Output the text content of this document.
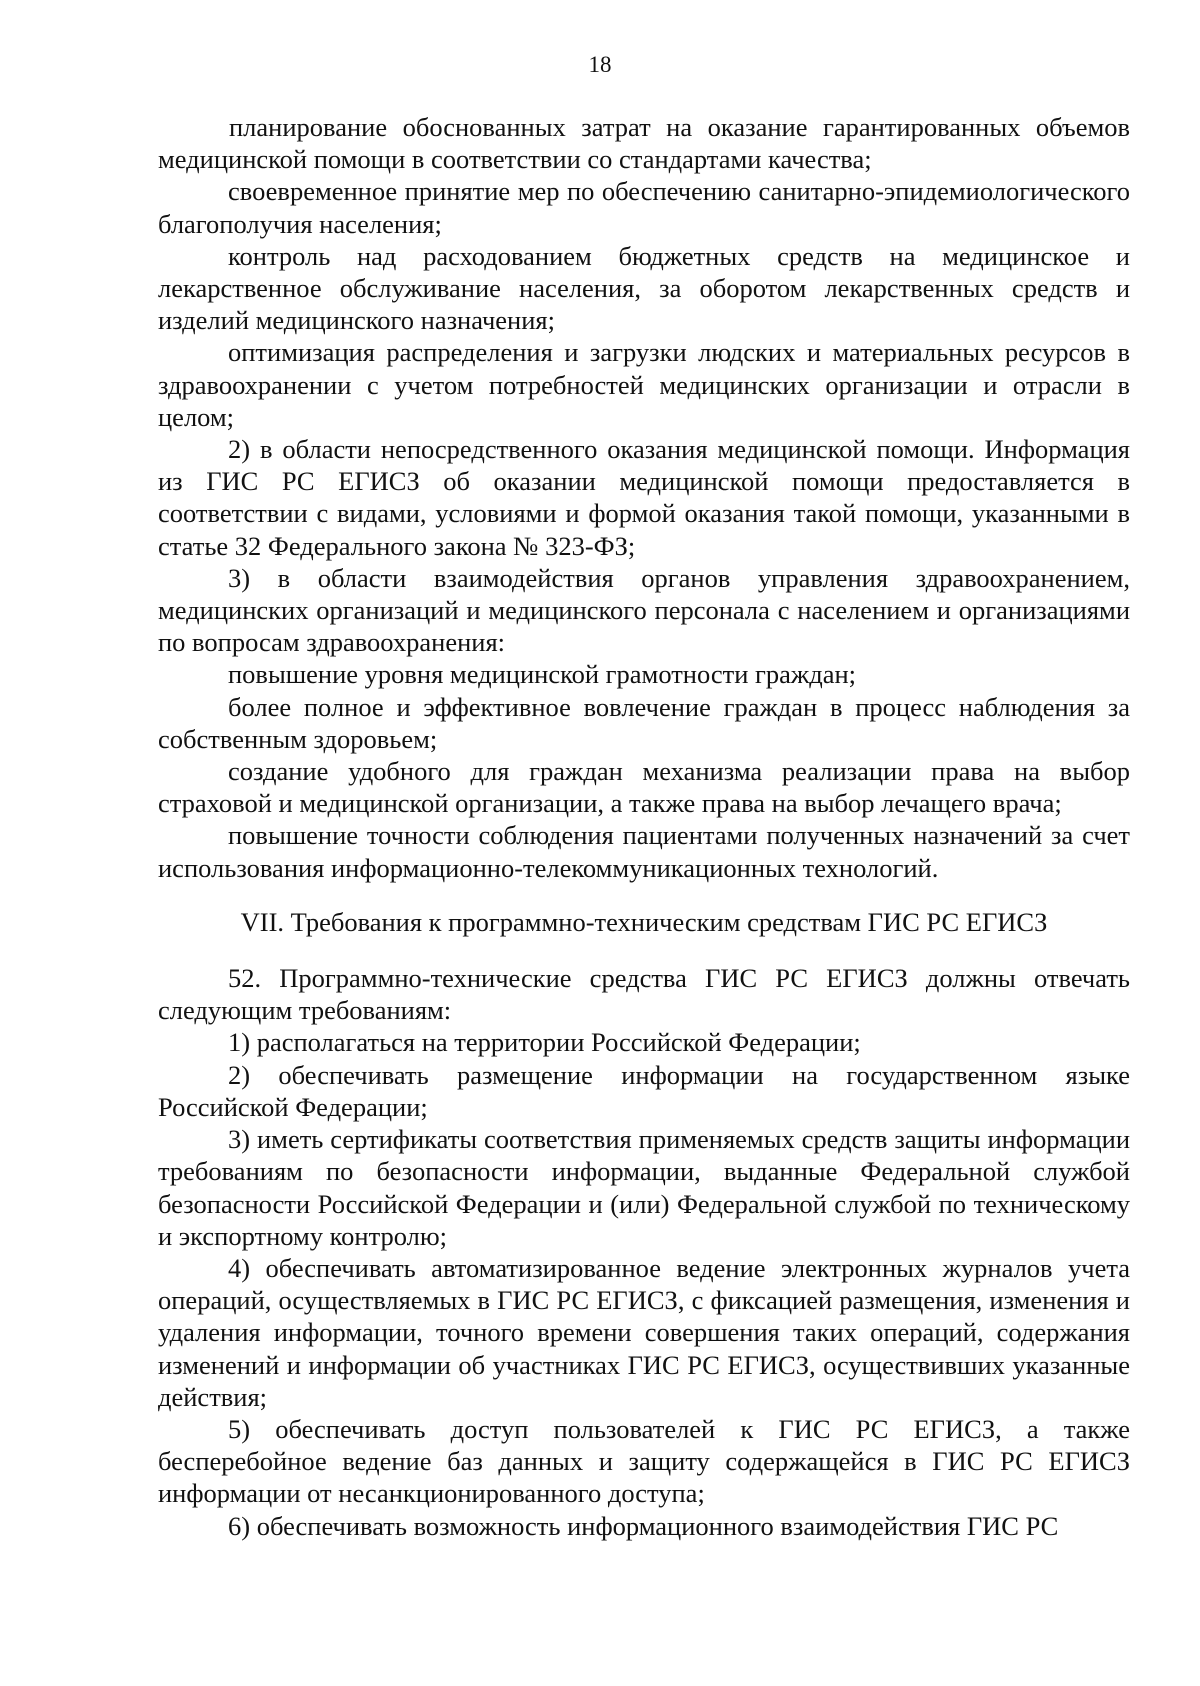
18

планирование обоснованных затрат на оказание гарантированных объемов медицинской помощи в соответствии со стандартами качества;

своевременное принятие мер по обеспечению санитарно-эпидемиологического благополучия населения;

контроль над расходованием бюджетных средств на медицинское и лекарственное обслуживание населения, за оборотом лекарственных средств и изделий медицинского назначения;

оптимизация распределения и загрузки людских и материальных ресурсов в здравоохранении с учетом потребностей медицинских организации и отрасли в целом;

2) в области непосредственного оказания медицинской помощи. Информация из ГИС РС ЕГИСЗ об оказании медицинской помощи предоставляется в соответствии с видами, условиями и формой оказания такой помощи, указанными в статье 32 Федерального закона № 323-ФЗ;

3) в области взаимодействия органов управления здравоохранением, медицинских организаций и медицинского персонала с населением и организациями по вопросам здравоохранения:

повышение уровня медицинской грамотности граждан;

более полное и эффективное вовлечение граждан в процесс наблюдения за собственным здоровьем;

создание удобного для граждан механизма реализации права на выбор страховой и медицинской организации, а также права на выбор лечащего врача;

повышение точности соблюдения пациентами полученных назначений за счет использования информационно-телекоммуникационных технологий.

VII. Требования к программно-техническим средствам ГИС РС ЕГИСЗ

52. Программно-технические средства ГИС РС ЕГИСЗ должны отвечать следующим требованиям:

1) располагаться на территории Российской Федерации;

2) обеспечивать размещение информации на государственном языке Российской Федерации;

3) иметь сертификаты соответствия применяемых средств защиты информации требованиям по безопасности информации, выданные Федеральной службой безопасности Российской Федерации и (или) Федеральной службой по техническому и экспортному контролю;

4) обеспечивать автоматизированное ведение электронных журналов учета операций, осуществляемых в ГИС РС ЕГИСЗ, с фиксацией размещения, изменения и удаления информации, точного времени совершения таких операций, содержания изменений и информации об участниках ГИС РС ЕГИСЗ, осуществивших указанные действия;

5) обеспечивать доступ пользователей к ГИС РС ЕГИСЗ, а также бесперебойное ведение баз данных и защиту содержащейся в ГИС РС ЕГИСЗ информации от несанкционированного доступа;

6) обеспечивать возможность информационного взаимодействия ГИС РС
